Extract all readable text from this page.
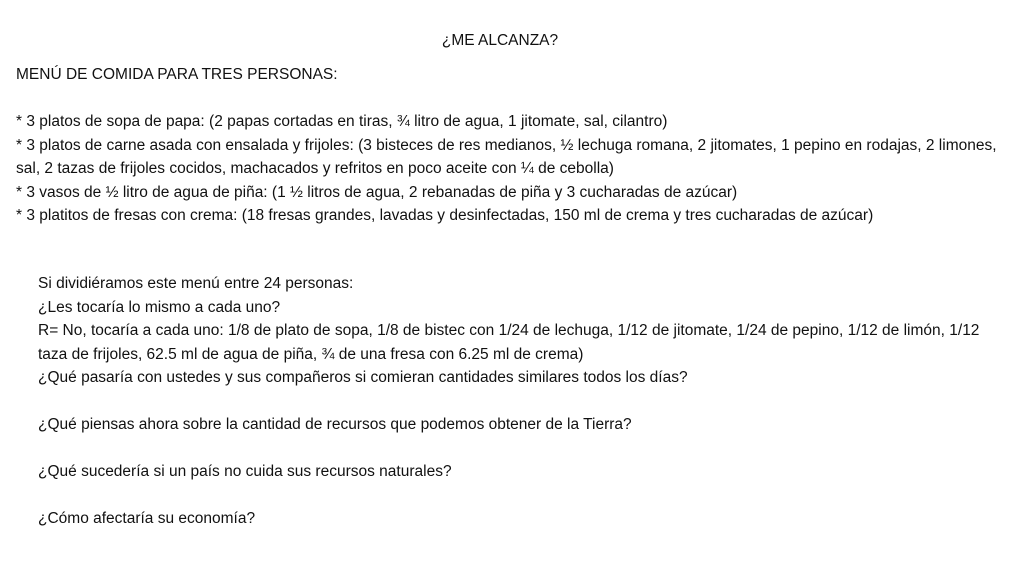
¿ME ALCANZA?

MENÚ DE COMIDA PARA TRES PERSONAS:

* 3 platos de sopa de papa: (2 papas cortadas en tiras, ¾ litro de agua, 1 jitomate, sal, cilantro)

* 3 platos de carne asada con ensalada y frijoles: (3 bisteces de res medianos, ½ lechuga romana, 2 jitomates, 1 pepino en rodajas, 2 limones, sal, 2 tazas de frijoles cocidos, machacados y refritos en poco aceite con ¼ de cebolla)

* 3 vasos de ½ litro de agua de piña: (1 ½ litros de agua, 2 rebanadas de piña y 3 cucharadas de azúcar)

* 3 platitos de fresas con crema: (18 fresas grandes, lavadas y desinfectadas, 150 ml de crema y tres cucharadas de azúcar)

Si dividiéramos este menú entre 24 personas:

¿Les tocaría lo mismo a cada uno?

R= No, tocaría a cada uno: 1/8 de plato de sopa, 1/8 de bistec con 1/24 de lechuga, 1/12 de jitomate, 1/24 de pepino, 1/12 de limón, 1/12 taza de frijoles, 62.5 ml de agua de piña, ¾ de una fresa con 6.25 ml de crema)

¿Qué pasaría con ustedes y sus compañeros si comieran cantidades similares todos los días?

¿Qué piensas ahora sobre la cantidad de recursos que podemos obtener de la Tierra?

¿Qué sucedería si un país no cuida sus recursos naturales?

¿Cómo afectaría su economía?
